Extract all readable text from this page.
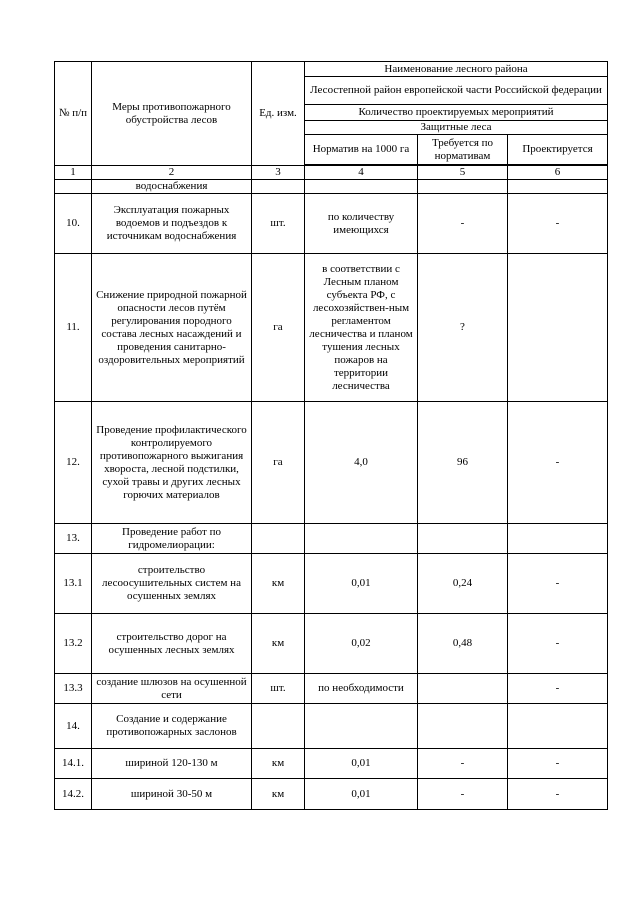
№ п/п	Меры противопожарного обустройства лесов	Ед. изм.	Наименование лесного района		
			Лесостепной район европейской части Российской федерации		
			Количество проектируемых мероприятий		
			Защитные леса		
			Норматив на 1000 га	Требуется по нормативам	Проектируется

1	2	3	4	5	6
	водоснабжения				
10.	Эксплуатация пожарных водоемов и подъездов к источникам водоснабжения	шт.	по количеству имеющихся	-	-
11.	Снижение природной пожарной опасности лесов путём регулирования породного состава лесных насаждений и проведения санитарно-оздоровительных мероприятий	га	в соответствии с Лесным планом субъекта РФ, с лесохозяйствен-ным регламентом лесничества и планом тушения лесных пожаров на территории лесничества	?	
12.	Проведение профилактического контролируемого противопожарного выжигания хвороста, лесной подстилки, сухой травы и других лесных горючих материалов	га	4,0	96	-
13.	Проведение работ по гидромелиорации:				
13.1	строительство лесоосушительных систем на осушенных землях	км	0,01	0,24	-
13.2	строительство дорог на осушенных лесных землях	км	0,02	0,48	-
13.3	создание шлюзов на осушенной сети	шт.	по необходимости		-
14.	Создание и содержание противопожарных заслонов				
14.1.	шириной 120-130 м	км	0,01	-	-
14.2.	шириной 30-50 м	км	0,01	-	-
